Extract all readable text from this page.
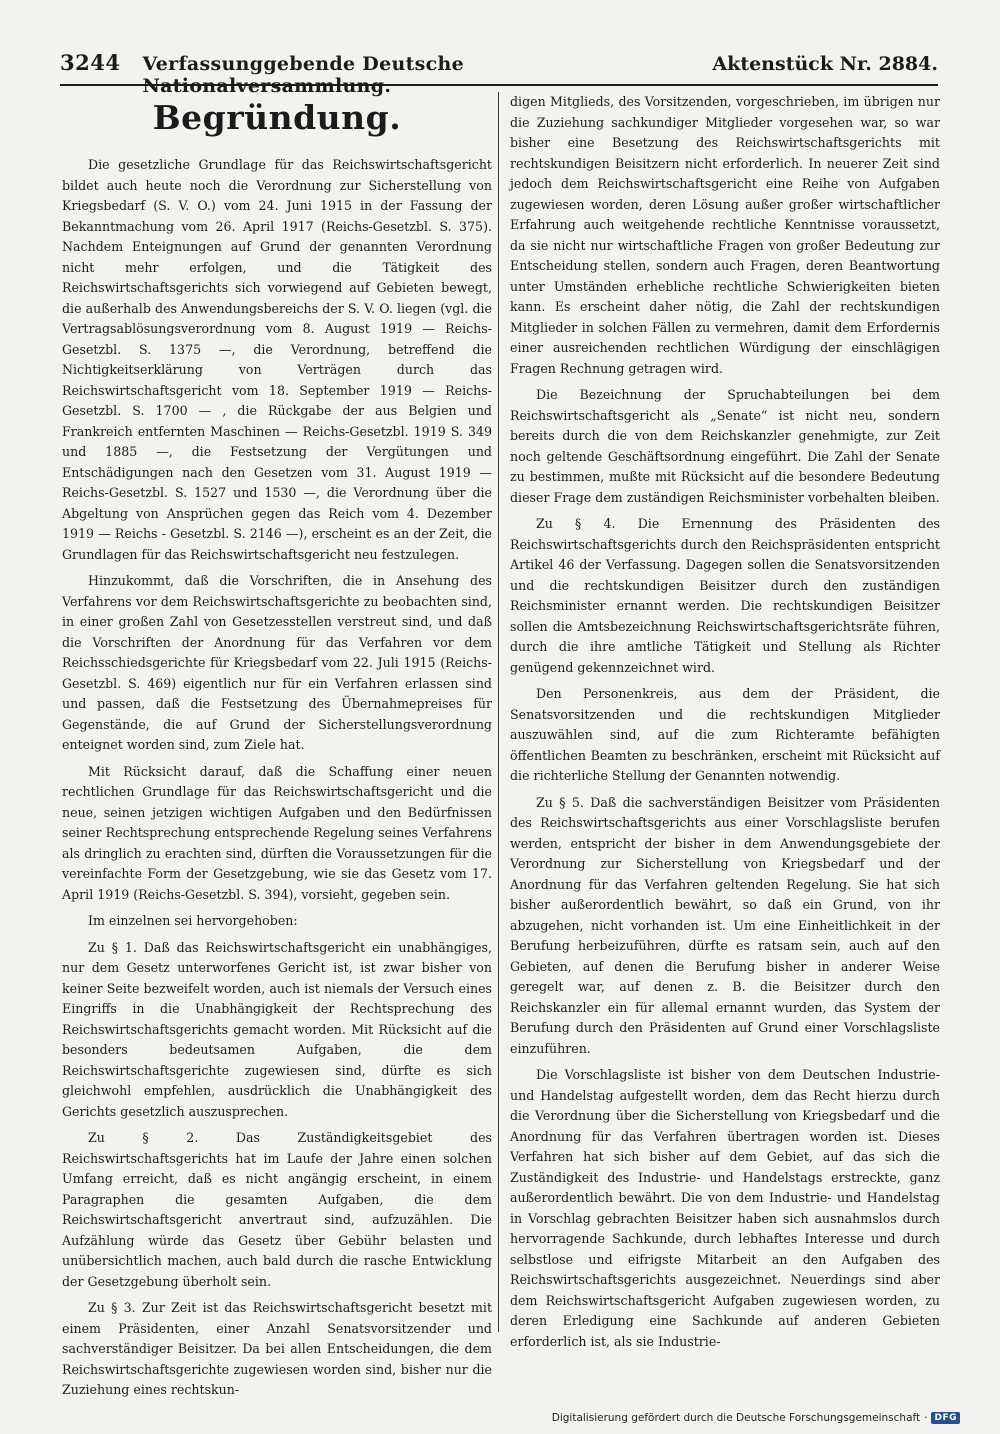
3244 Verfassunggebende Deutsche Nationalversammlung.
Aktenstück Nr. 2884.
Begründung.

Die gesetzliche Grundlage für das Reichswirtschaftsgericht bildet auch heute noch die Verordnung zur Sicherstellung von Kriegsbedarf (S. V. O.) vom 24. Juni 1915 in der Fassung der Bekanntmachung vom 26. April 1917 (Reichs-Gesetzbl. S. 375). Nachdem Enteignungen auf Grund der genannten Verordnung nicht mehr erfolgen, und die Tätigkeit des Reichswirtschaftsgerichts sich vorwiegend auf Gebieten bewegt, die außerhalb des Anwendungsbereichs der S. V. O. liegen (vgl. die Vertragsablösungsverordnung vom 8. August 1919 — Reichs-Gesetzbl. S. 1375 —, die Verordnung, betreffend die Nichtigkeitserklärung von Verträgen durch das Reichswirtschaftsgericht vom 18. September 1919 — Reichs-Gesetzbl. S. 1700 — , die Rückgabe der aus Belgien und Frankreich entfernten Maschinen — Reichs-Gesetzbl. 1919 S. 349 und 1885 —, die Festsetzung der Vergütungen und Entschädigungen nach den Gesetzen vom 31. August 1919 — Reichs-Gesetzbl. S. 1527 und 1530 —, die Verordnung über die Abgeltung von Ansprüchen gegen das Reich vom 4. Dezember 1919 — Reichs - Gesetzbl. S. 2146 —), erscheint es an der Zeit, die Grundlagen für das Reichswirtschaftsgericht neu festzulegen.

Hinzukommt, daß die Vorschriften, die in Ansehung des Verfahrens vor dem Reichswirtschaftsgerichte zu beobachten sind, in einer großen Zahl von Gesetzesstellen verstreut sind, und daß die Vorschriften der Anordnung für das Verfahren vor dem Reichsschiedsgerichte für Kriegsbedarf vom 22. Juli 1915 (Reichs-Gesetzbl. S. 469) eigentlich nur für ein Verfahren erlassen sind und passen, daß die Festsetzung des Übernahmepreises für Gegenstände, die auf Grund der Sicherstellungsverordnung enteignet worden sind, zum Ziele hat.

Mit Rücksicht darauf, daß die Schaffung einer neuen rechtlichen Grundlage für das Reichswirtschaftsgericht und die neue, seinen jetzigen wichtigen Aufgaben und den Bedürfnissen seiner Rechtsprechung entsprechende Regelung seines Verfahrens als dringlich zu erachten sind, dürften die Voraussetzungen für die vereinfachte Form der Gesetzgebung, wie sie das Gesetz vom 17. April 1919 (Reichs-Gesetzbl. S. 394), vorsieht, gegeben sein.

Im einzelnen sei hervorgehoben:

Zu § 1. Daß das Reichswirtschaftsgericht ein unabhängiges, nur dem Gesetz unterworfenes Gericht ist, ist zwar bisher von keiner Seite bezweifelt worden, auch ist niemals der Versuch eines Eingriffs in die Unabhängigkeit der Rechtsprechung des Reichswirtschaftsgerichts gemacht worden. Mit Rücksicht auf die besonders bedeutsamen Aufgaben, die dem Reichswirtschaftsgerichte zugewiesen sind, dürfte es sich gleichwohl empfehlen, ausdrücklich die Unabhängigkeit des Gerichts gesetzlich auszusprechen.

Zu § 2. Das Zuständigkeitsgebiet des Reichswirtschaftsgerichts hat im Laufe der Jahre einen solchen Umfang erreicht, daß es nicht angängig erscheint, in einem Paragraphen die gesamten Aufgaben, die dem Reichswirtschaftsgericht anvertraut sind, aufzuzählen. Die Aufzählung würde das Gesetz über Gebühr belasten und unübersichtlich machen, auch bald durch die rasche Entwicklung der Gesetzgebung überholt sein.

Zu § 3. Zur Zeit ist das Reichswirtschaftsgericht besetzt mit einem Präsidenten, einer Anzahl Senatsvorsitzender und sachverständiger Beisitzer. Da bei allen Entscheidungen, die dem Reichswirtschaftsgerichte zugewiesen worden sind, bisher nur die Zuziehung eines rechtskun-

digen Mitglieds, des Vorsitzenden, vorgeschrieben, im übrigen nur die Zuziehung sachkundiger Mitglieder vorgesehen war, so war bisher eine Besetzung des Reichswirtschaftsgerichts mit rechtskundigen Beisitzern nicht erforderlich. In neuerer Zeit sind jedoch dem Reichswirtschaftsgericht eine Reihe von Aufgaben zugewiesen worden, deren Lösung außer großer wirtschaftlicher Erfahrung auch weitgehende rechtliche Kenntnisse voraussetzt, da sie nicht nur wirtschaftliche Fragen von großer Bedeutung zur Entscheidung stellen, sondern auch Fragen, deren Beantwortung unter Umständen erhebliche rechtliche Schwierigkeiten bieten kann. Es erscheint daher nötig, die Zahl der rechtskundigen Mitglieder in solchen Fällen zu vermehren, damit dem Erfordernis einer ausreichenden rechtlichen Würdigung der einschlägigen Fragen Rechnung getragen wird.

Die Bezeichnung der Spruchabteilungen bei dem Reichswirtschaftsgericht als „Senate“ ist nicht neu, sondern bereits durch die von dem Reichskanzler genehmigte, zur Zeit noch geltende Geschäftsordnung eingeführt. Die Zahl der Senate zu bestimmen, mußte mit Rücksicht auf die besondere Bedeutung dieser Frage dem zuständigen Reichsminister vorbehalten bleiben.

Zu § 4. Die Ernennung des Präsidenten des Reichswirtschaftsgerichts durch den Reichspräsidenten entspricht Artikel 46 der Verfassung. Dagegen sollen die Senatsvorsitzenden und die rechtskundigen Beisitzer durch den zuständigen Reichsminister ernannt werden. Die rechtskundigen Beisitzer sollen die Amtsbezeichnung Reichswirtschaftsgerichtsräte führen, durch die ihre amtliche Tätigkeit und Stellung als Richter genügend gekennzeichnet wird.

Den Personenkreis, aus dem der Präsident, die Senatsvorsitzenden und die rechtskundigen Mitglieder auszuwählen sind, auf die zum Richteramte befähigten öffentlichen Beamten zu beschränken, erscheint mit Rücksicht auf die richterliche Stellung der Genannten notwendig.

Zu § 5. Daß die sachverständigen Beisitzer vom Präsidenten des Reichswirtschaftsgerichts aus einer Vorschlagsliste berufen werden, entspricht der bisher in dem Anwendungsgebiete der Verordnung zur Sicherstellung von Kriegsbedarf und der Anordnung für das Verfahren geltenden Regelung. Sie hat sich bisher außerordentlich bewährt, so daß ein Grund, von ihr abzugehen, nicht vorhanden ist. Um eine Einheitlichkeit in der Berufung herbeizuführen, dürfte es ratsam sein, auch auf den Gebieten, auf denen die Berufung bisher in anderer Weise geregelt war, auf denen z. B. die Beisitzer durch den Reichskanzler ein für allemal ernannt wurden, das System der Berufung durch den Präsidenten auf Grund einer Vorschlagsliste einzuführen.

Die Vorschlagsliste ist bisher von dem Deutschen Industrie- und Handelstag aufgestellt worden, dem das Recht hierzu durch die Verordnung über die Sicherstellung von Kriegsbedarf und die Anordnung für das Verfahren übertragen worden ist. Dieses Verfahren hat sich bisher auf dem Gebiet, auf das sich die Zuständigkeit des Industrie- und Handelstags erstreckte, ganz außerordentlich bewährt. Die von dem Industrie- und Handelstag in Vorschlag gebrachten Beisitzer haben sich ausnahmslos durch hervorragende Sachkunde, durch lebhaftes Interesse und durch selbstlose und eifrigste Mitarbeit an den Aufgaben des Reichswirtschaftsgerichts ausgezeichnet. Neuerdings sind aber dem Reichswirtschaftsgericht Aufgaben zugewiesen worden, zu deren Erledigung eine Sachkunde auf anderen Gebieten erforderlich ist, als sie Industrie-

Digitalisierung gefördert durch die Deutsche Forschungsgemeinschaft · DFG
